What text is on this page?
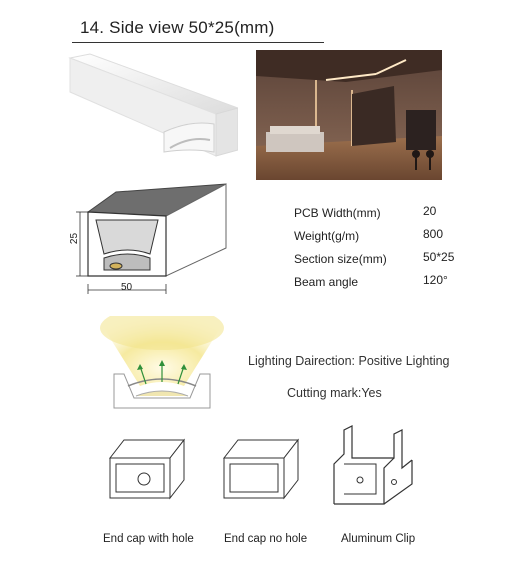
14. Side view 50*25(mm)
25
50
PCB Width(mm)	20
Weight(g/m)	800
Section size(mm)	50*25
Beam angle	120°
Lighting Dairection: Positive Lighting
Cutting mark:Yes
End cap with hole	End cap no hole	Aluminum Clip
